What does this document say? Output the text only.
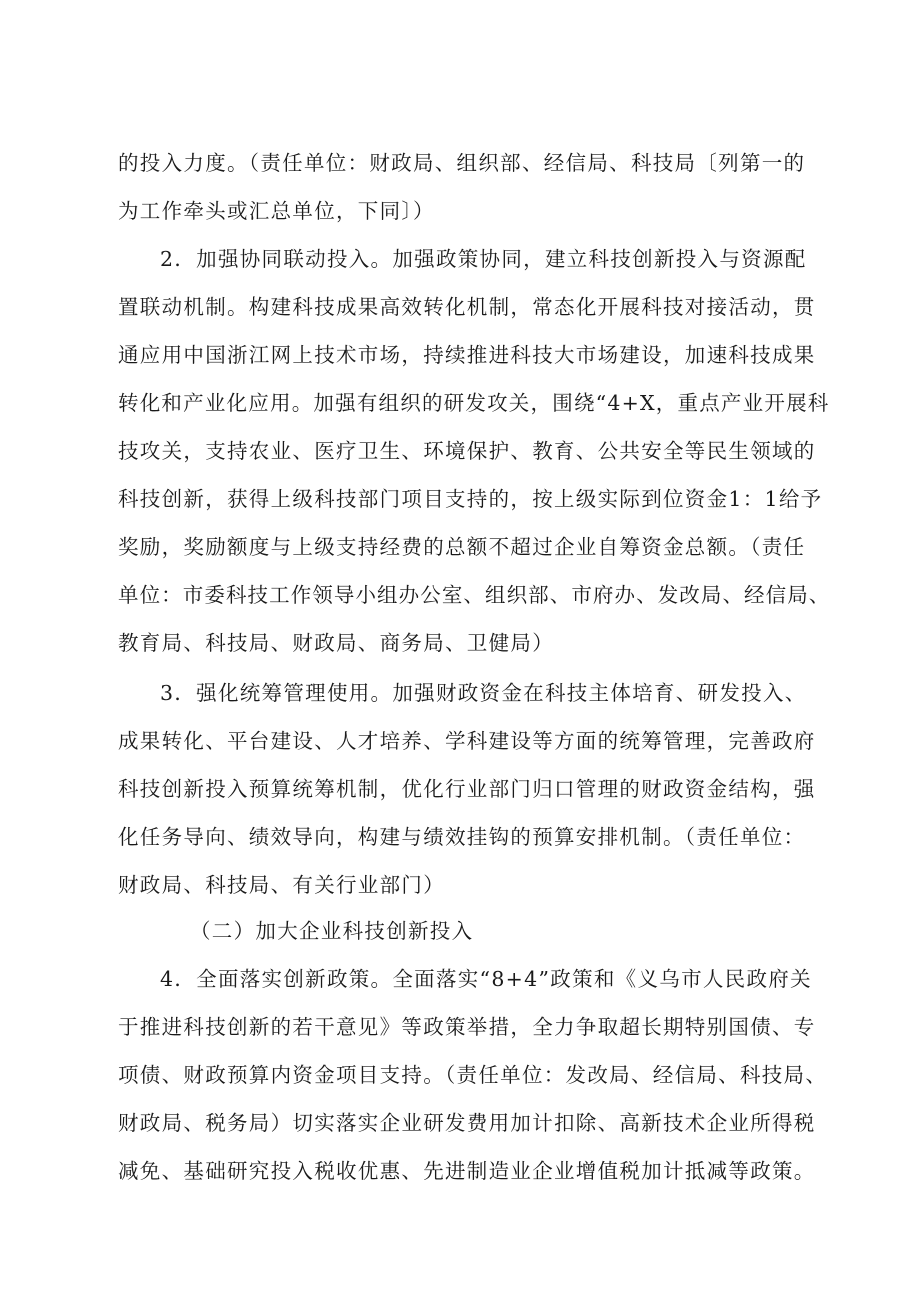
的投入力度。（责任单位：财政局、组织部、经信局、科技局〔列第一的
为工作牵头或汇总单位，下同〕）
2．加强协同联动投入。加强政策协同，建立科技创新投入与资源配
置联动机制。构建科技成果高效转化机制，常态化开展科技对接活动，贯
通应用中国浙江网上技术市场，持续推进科技大市场建设，加速科技成果
转化和产业化应用。加强有组织的研发攻关，围绕“4+X，重点产业开展科
技攻关，支持农业、医疗卫生、环境保护、教育、公共安全等民生领域的
科技创新，获得上级科技部门项目支持的，按上级实际到位资金1：1给予
奖励，奖励额度与上级支持经费的总额不超过企业自筹资金总额。（责任
单位：市委科技工作领导小组办公室、组织部、市府办、发改局、经信局、
教育局、科技局、财政局、商务局、卫健局）
3．强化统筹管理使用。加强财政资金在科技主体培育、研发投入、
成果转化、平台建设、人才培养、学科建设等方面的统筹管理，完善政府
科技创新投入预算统筹机制，优化行业部门归口管理的财政资金结构，强
化任务导向、绩效导向，构建与绩效挂钩的预算安排机制。（责任单位：
财政局、科技局、有关行业部门）
（二）加大企业科技创新投入
4．全面落实创新政策。全面落实“8+4”政策和《义乌市人民政府关
于推进科技创新的若干意见》等政策举措，全力争取超长期特别国债、专
项债、财政预算内资金项目支持。（责任单位：发改局、经信局、科技局、
财政局、税务局）切实落实企业研发费用加计扣除、高新技术企业所得税
减免、基础研究投入税收优惠、先进制造业企业增值税加计抵减等政策。
